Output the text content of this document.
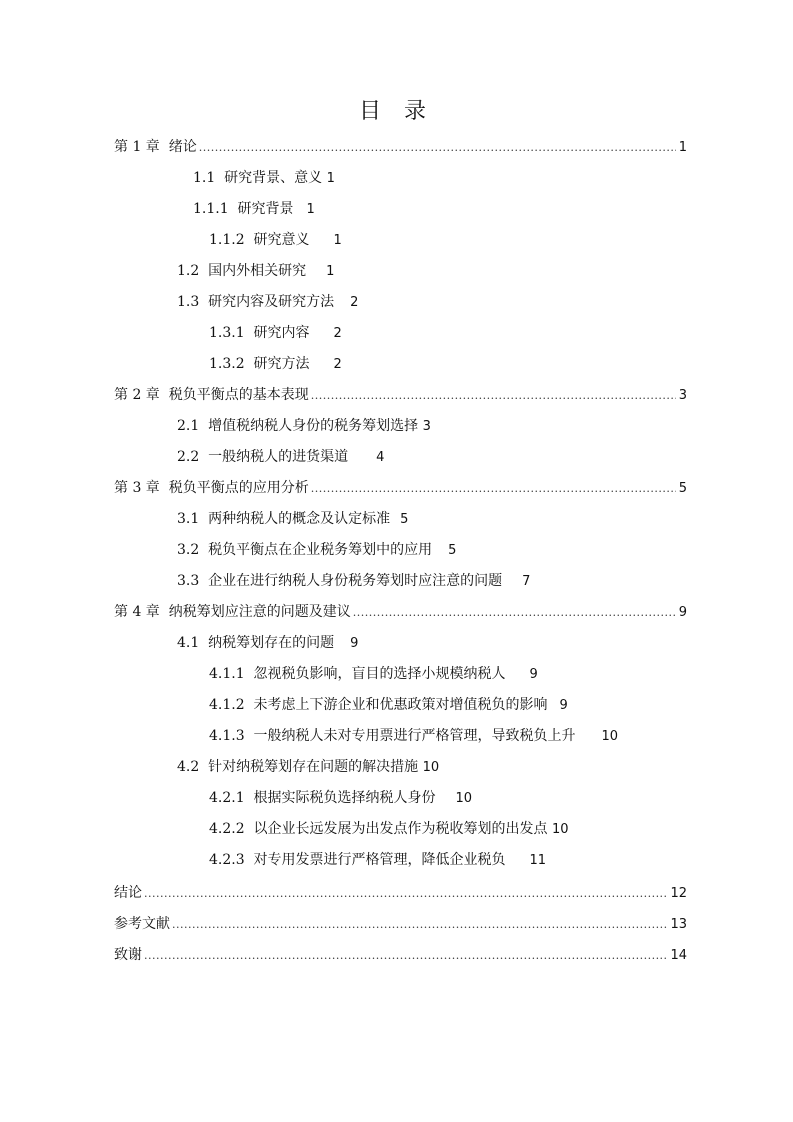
目 录
第 1 章 绪论 .....	1
1.1 研究背景、意义 1
1.1.1 研究背景 1
1.1.2 研究意义 1
1.2 国内外相关研究 1
1.3 研究内容及研究方法 2
1.3.1 研究内容 2
1.3.2 研究方法 2
第 2 章 税负平衡点的基本表现 .....	3
2.1 增值税纳税人身份的税务筹划选择 3
2.2 一般纳税人的进货渠道 4
第 3 章 税负平衡点的应用分析 .....	5
3.1 两种纳税人的概念及认定标准 5
3.2 税负平衡点在企业税务筹划中的应用 5
3.3 企业在进行纳税人身份税务筹划时应注意的问题 7
第 4 章 纳税筹划应注意的问题及建议 .....	9
4.1 纳税筹划存在的问题 9
4.1.1 忽视税负影响，盲目的选择小规模纳税人 9
4.1.2 未考虑上下游企业和优惠政策对增值税负的影响 9
4.1.3 一般纳税人未对专用票进行严格管理，导致税负上升 10
4.2 针对纳税筹划存在问题的解决措施 10
4.2.1 根据实际税负选择纳税人身份 10
4.2.2 以企业长远发展为出发点作为税收筹划的出发点 10
4.2.3 对专用发票进行严格管理，降低企业税负 11
结论 .....	12
参考文献 .....	13
致谢 .....	14
